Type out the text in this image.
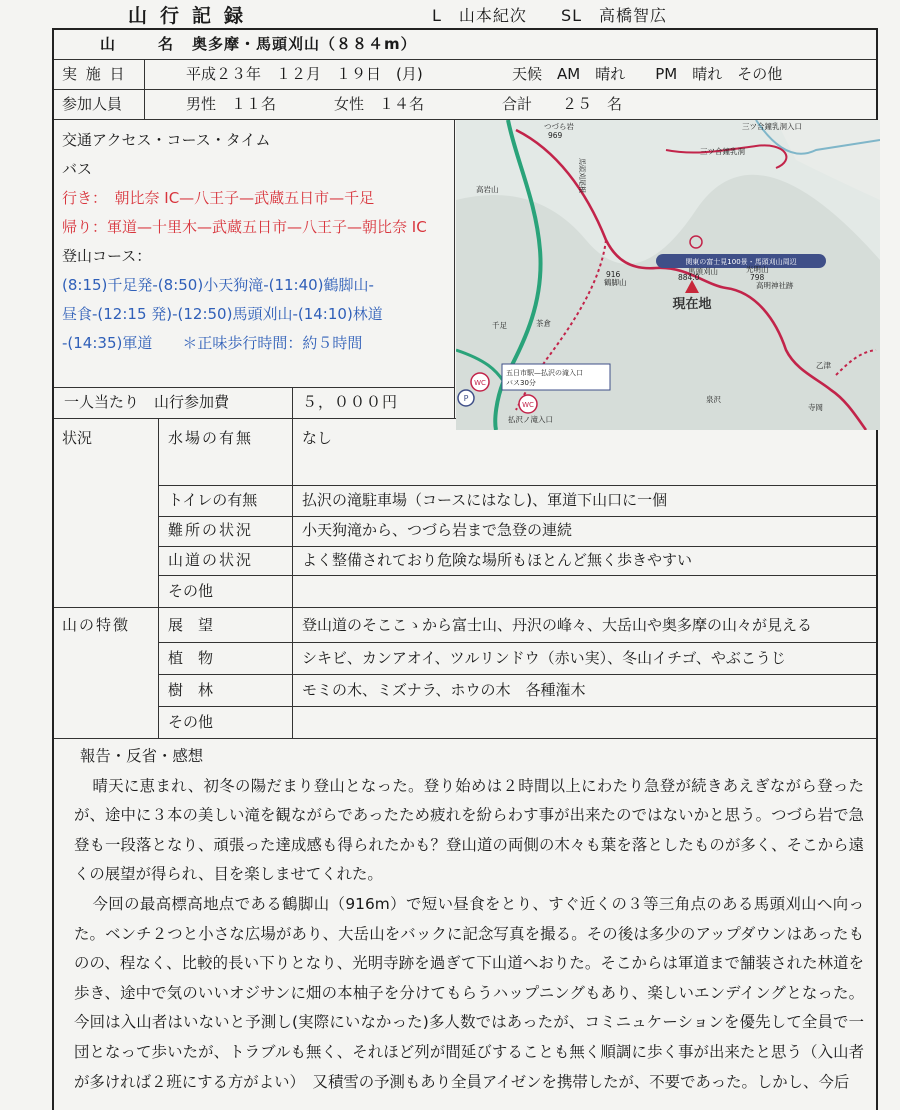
山行記録	L　山本紀次　　 SL　高橋智広
山　名 奥多摩・馬頭刈山（８８４m）
実 施 日	平成２３年　１２月　１９日　(月)	天候　AM　晴れ　　PM　晴れ　その他
参加人員	男性　１１名	女性　１４名	合計　　２５　名
交通アクセス・コース・タイム
バス
行き：　朝比奈 IC—八王子—武蔵五日市—千足
帰り：軍道—十里木—武蔵五日市—八王子—朝比奈 IC
登山コース：
(8:15)千足発-(8:50)小天狗滝-(11:40)鶴脚山-
昼食-(12:15 発)-(12:50)馬頭刈山-(14:10)林道
-(14:35)軍道　　＊正味歩行時間：約５時間
関東の富士見100景・馬頭刈山周辺
現在地
つづら岩
969
三ツ合鐘乳洞入口
三ツ合鐘乳洞
馬頭刈山
884.0
鶴脚山
916
光明山
798
高明神社跡
千足	茶倉
高岩山
乙津
寺岡
泉沢
払沢ノ滝入口
馬頭刈尾根
五日市駅—払沢の滝入口
バス30分
WC
WC
P
一人当たり　山行参加費	５，０００円
状況	水場の有無	なし
トイレの有無	払沢の滝駐車場（コースにはなし)、軍道下山口に一個
難所の状況	小天狗滝から、つづら岩まで急登の連続
山道の状況	よく整備されており危険な場所もほとんど無く歩きやすい
その他
山の特徴	展　望	登山道のそここゝから富士山、丹沢の峰々、大岳山や奥多摩の山々が見える
植　物	シキビ、カンアオイ、ツルリンドウ（赤い実）、冬山イチゴ、やぶこうじ
樹　林	モミの木、ミズナラ、ホウの木　各種潅木
その他
報告・反省・感想

晴天に恵まれ、初冬の陽だまり登山となった。登り始めは２時間以上にわたり急登が続きあえぎながら登ったが、途中に３本の美しい滝を観ながらであったため疲れを紛らわす事が出来たのではないかと思う。つづら岩で急登も一段落となり、頑張った達成感も得られたかも？登山道の両側の木々も葉を落としたものが多く、そこから遠くの展望が得られ、目を楽しませてくれた。

今回の最高標高地点である鶴脚山（916m）で短い昼食をとり、すぐ近くの３等三角点のある馬頭刈山へ向った。ベンチ２つと小さな広場があり、大岳山をバックに記念写真を撮る。その後は多少のアップダウンはあったものの、程なく、比較的長い下りとなり、光明寺跡を過ぎて下山道へおりた。そこからは軍道まで舗装された林道を歩き、途中で気のいいオジサンに畑の本柚子を分けてもらうハップニングもあり、楽しいエンデイングとなった。今回は入山者はいないと予測し(実際にいなかった)多人数ではあったが、コミニュケーションを優先して全員で一団となって歩いたが、トラブルも無く、それほど列が間延びすることも無く順調に歩く事が出来たと思う（入山者が多ければ２班にする方がよい）　又積雪の予測もあり全員アイゼンを携帯したが、不要であった。しかし、今后
